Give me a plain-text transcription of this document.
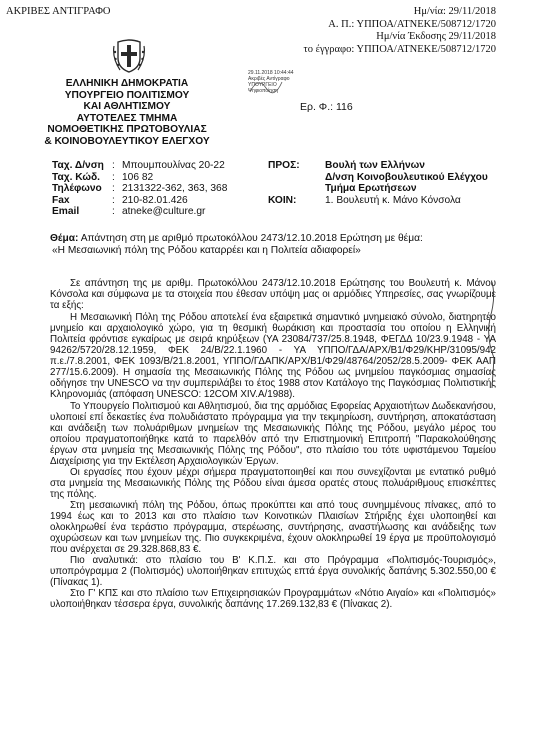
ΑΚΡΙΒΕΣ ΑΝΤΙΓΡΑΦΟ	Ημ/νία: 29/11/2018
Α. Π.: ΥΠΠΟΑ/ΑΤΝΕΚΕ/508712/1720
Ημ/νία Έκδοσης 29/11/2018
το έγγραφο: ΥΠΠΟΑ/ΑΤΝΕΚΕ/508712/1720
ΕΛΛΗΝΙΚΗ ΔΗΜΟΚΡΑΤΙΑ
ΥΠΟΥΡΓΕΙΟ ΠΟΛΙΤΙΣΜΟΥ
ΚΑΙ ΑΘΛΗΤΙΣΜΟΥ
ΑΥΤΟΤΕΛΕΣ ΤΜΗΜΑ
ΝΟΜΟΘΕΤΙΚΗΣ ΠΡΩΤΟΒΟΥΛΙΑΣ
& ΚΟΙΝΟΒΟΥΛΕΥΤΙΚΟΥ ΕΛΕΓΧΟΥ
29.11.2018 10:44:44
Ακριβές Αντίγραφο
ΥΠΟΥΡΓΕΙΟ
Ψηφιοποίηση
Ερ. Φ.: 116
Ταχ. Δ/νση	:	Μπουμπουλίνας 20-22
Ταχ. Κώδ.	:	106 82
Τηλέφωνο	:	2131322-362, 363, 368
Fax	:	210-82.01.426
Email	:	atneke@culture.gr
ΠΡΟΣ:	Βουλή των Ελλήνων
	Δ/νση Κοινοβουλευτικού Ελέγχου
	Τμήμα Ερωτήσεων
ΚΟΙΝ:	1. Βουλευτή κ. Μάνο Κόνσολα
Θέμα: Απάντηση στη με αριθμό πρωτοκόλλου 2473/12.10.2018 Ερώτηση με θέμα:
«Η Μεσαιωνική πόλη της Ρόδου καταρρέει και η Πολιτεία αδιαφορεί»

Σε απάντηση της με αριθμ. Πρωτοκόλλου 2473/12.10.2018 Ερώτησης του Βουλευτή κ. Μάνου Κόνσολα και σύμφωνα με τα στοιχεία που έθεσαν υπόψη μας οι αρμόδιες Υπηρεσίες, σας γνωρίζουμε τα εξής:

Η Μεσαιωνική Πόλη της Ρόδου αποτελεί ένα εξαιρετικά σημαντικό μνημειακό σύνολο, διατηρητέο μνημείο και αρχαιολογικό χώρο, για τη θεσμική θωράκιση και προστασία του οποίου η Ελληνική Πολιτεία φρόντισε εγκαίρως με σειρά κηρύξεων (ΥΑ 23084/737/25.8.1948, ΦΕΓΔΔ 10/23.9.1948 - ΥΑ 94262/5720/28.12.1959, ΦΕΚ 24/Β/22.1.1960 - ΥΑ ΥΠΠΟ/ΓΔΑ/ΑΡΧ/Β1/Φ29/ΚΗΡ/31095/942 π.ε./7.8.2001, ΦΕΚ 1093/Β/21.8.2001, ΥΠΠΟ/ΓΔΑΠΚ/ΑΡΧ/Β1/Φ29/48764/2052/28.5.2009- ΦΕΚ ΑΑΠ 277/15.6.2009). Η σημασία της Μεσαιωνικής Πόλης της Ρόδου ως μνημείου παγκόσμιας σημασίας οδήγησε την UNESCO να την συμπεριλάβει το έτος 1988 στον Κατάλογο της Παγκόσμιας Πολιτιστικής Κληρονομιάς (απόφαση UNESCO: 12COM XIV.A/1988).

Το Υπουργείο Πολιτισμού και Αθλητισμού, δια της αρμόδιας Εφορείας Αρχαιοτήτων Δωδεκανήσου, υλοποιεί επί δεκαετίες ένα πολυδιάστατο πρόγραμμα για την τεκμηρίωση, συντήρηση, αποκατάσταση και ανάδειξη των πολυάριθμων μνημείων της Μεσαιωνικής Πόλης της Ρόδου, μεγάλο μέρος του οποίου πραγματοποιήθηκε κατά το παρελθόν από την Επιστημονική Επιτροπή "Παρακολούθησης έργων στα μνημεία της Μεσαιωνικής Πόλης της Ρόδου", στο πλαίσιο του τότε υφιστάμενου Ταμείου Διαχείρισης για την Εκτέλεση Αρχαιολογικών Έργων.

Οι εργασίες που έχουν μέχρι σήμερα πραγματοποιηθεί και που συνεχίζονται με εντατικό ρυθμό στα μνημεία της Μεσαιωνικής Πόλης της Ρόδου είναι άμεσα ορατές στους πολυάριθμους επισκέπτες της πόλης.

Στη μεσαιωνική πόλη της Ρόδου, όπως προκύπτει και από τους συνημμένους πίνακες, από το 1994 έως και το 2013 και στο πλαίσιο των Κοινοτικών Πλαισίων Στήριξης έχει υλοποιηθεί και ολοκληρωθεί ένα τεράστιο πρόγραμμα, στερέωσης, συντήρησης, αναστήλωσης και ανάδειξης των οχυρώσεων και των μνημείων της. Πιο συγκεκριμένα, έχουν ολοκληρωθεί 19 έργα με προϋπολογισμό που ανέρχεται σε 29.328.868,83 €.

Πιο αναλυτικά: στο πλαίσιο του Β' Κ.Π.Σ. και στο Πρόγραμμα «Πολιτισμός-Τουρισμός», υποπρόγραμμα 2 (Πολιτισμός) υλοποιήθηκαν επιτυχώς επτά έργα συνολικής δαπάνης 5.302.550,00 € (Πίνακας 1).

Στο Γ' ΚΠΣ και στο πλαίσιο των Επιχειρησιακών Προγραμμάτων «Νότιο Αιγαίο» και «Πολιτισμός» υλοποιήθηκαν τέσσερα έργα, συνολικής δαπάνης 17.269.132,83 € (Πίνακας 2).
